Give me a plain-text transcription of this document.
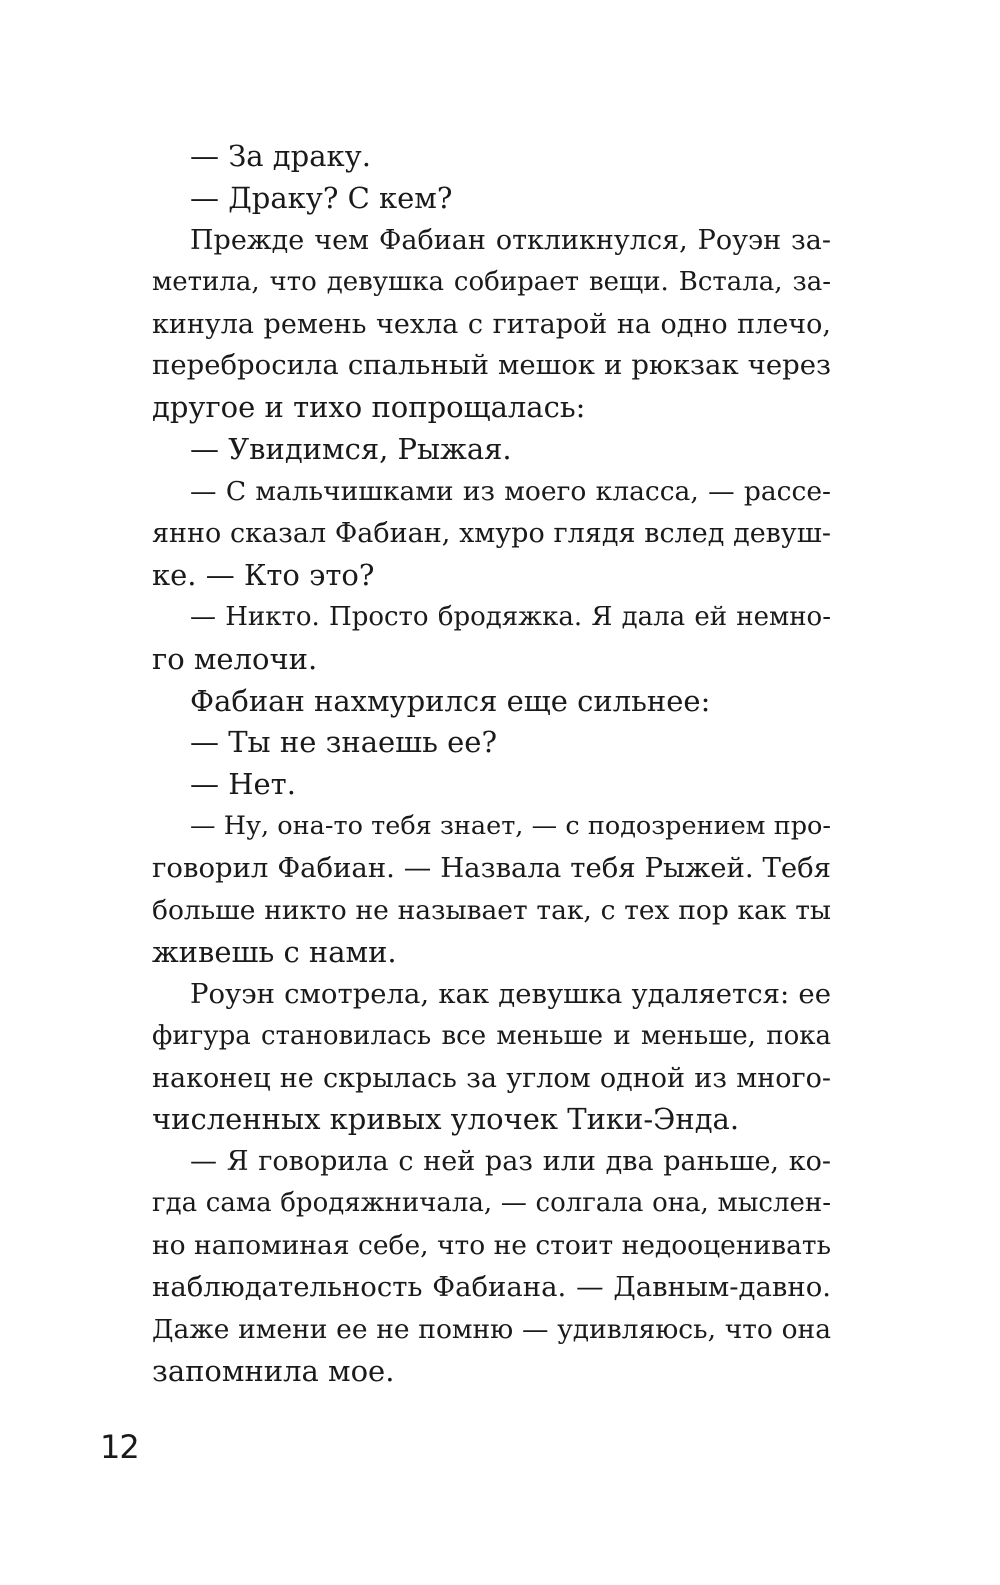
— За драку.
— Драку? С кем?
Прежде чем Фабиан откликнулся, Роуэн за-
метила, что девушка собирает вещи. Встала, за-
кинула ремень чехла с гитарой на одно плечо,
перебросила спальный мешок и рюкзак через
другое и тихо попрощалась:
— Увидимся, Рыжая.
— С мальчишками из моего класса, — рассе-
янно сказал Фабиан, хмуро глядя вслед девуш-
ке. — Кто это?
— Никто. Просто бродяжка. Я дала ей немно-
го мелочи.
Фабиан нахмурился еще сильнее:
— Ты не знаешь ее?
— Нет.
— Ну, она-то тебя знает, — с подозрением про-
говорил Фабиан. — Назвала тебя Рыжей. Тебя
больше никто не называет так, с тех пор как ты
живешь с нами.
Роуэн смотрела, как девушка удаляется: ее
фигура становилась все меньше и меньше, пока
наконец не скрылась за углом одной из много-
численных кривых улочек Тики-Энда.
— Я говорила с ней раз или два раньше, ко-
гда сама бродяжничала, — солгала она, мыслен-
но напоминая себе, что не стоит недооценивать
наблюдательность Фабиана. — Давным-давно.
Даже имени ее не помню — удивляюсь, что она
запомнила мое.
12
